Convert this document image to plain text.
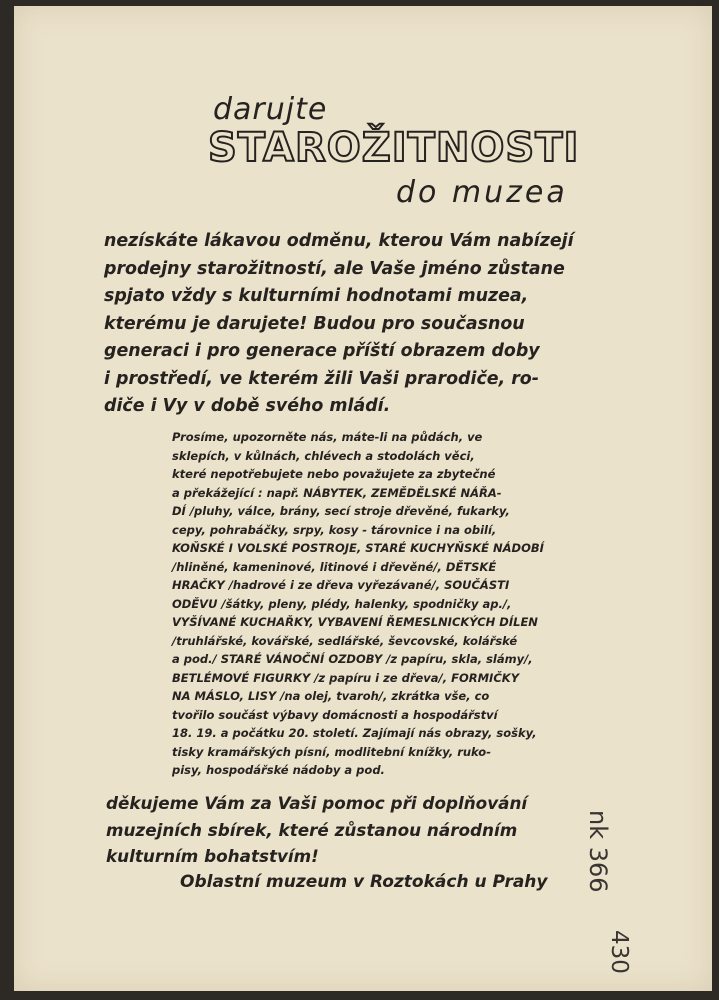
darujte
STAROŽITNOSTI
do muzea
nezískáte lákavou odměnu, kterou Vám nabízejí
prodejny starožitností, ale Vaše jméno zůstane
spjato vždy s kulturními hodnotami muzea,
kterému je darujete! Budou pro současnou
generaci i pro generace příští obrazem doby
i prostředí, ve kterém žili Vaši prarodiče, ro-
diče i Vy v době svého mládí.
Prosíme, upozorněte nás, máte-li na půdách, ve
sklepích, v kůlnách, chlévech a stodolách věci,
které nepotřebujete nebo považujete za zbytečné
a překážející : např. NÁBYTEK, ZEMĚDĚLSKÉ NÁŘA-
DÍ /pluhy, válce, brány, secí stroje dřevěné, fukarky,
cepy, pohrabáčky, srpy, kosy - tárovnice i na obilí,
KOŇSKÉ I VOLSKÉ POSTROJE, STARÉ KUCHYŇSKÉ NÁDOBÍ
/hliněné, kameninové, litinové i dřevěné/, DĚTSKÉ
HRAČKY /hadrové i ze dřeva vyřezávané/, SOUČÁSTI
ODĚVU /šátky, pleny, plédy, halenky, spodničky ap./,
VYŠÍVANÉ KUCHAŘKY, VYBAVENÍ ŘEMESLNICKÝCH DÍLEN
/truhlářské, kovářské, sedlářské, ševcovské, kolářské
a pod./ STARÉ VÁNOČNÍ OZDOBY /z papíru, skla, slámy/,
BETLÉMOVÉ FIGURKY /z papíru i ze dřeva/, FORMIČKY
NA MÁSLO, LISY /na olej, tvaroh/, zkrátka vše, co
tvořilo součást výbavy domácnosti a hospodářství
18. 19. a počátku 20. století. Zajímají nás obrazy, sošky,
tisky kramářských písní, modlitební knížky, ruko-
pisy, hospodářské nádoby a pod.
děkujeme Vám za Vaši pomoc při doplňování
muzejních sbírek, které zůstanou národním
kulturním bohatstvím!
Oblastní muzeum v Roztokách u Prahy nk 366
430
